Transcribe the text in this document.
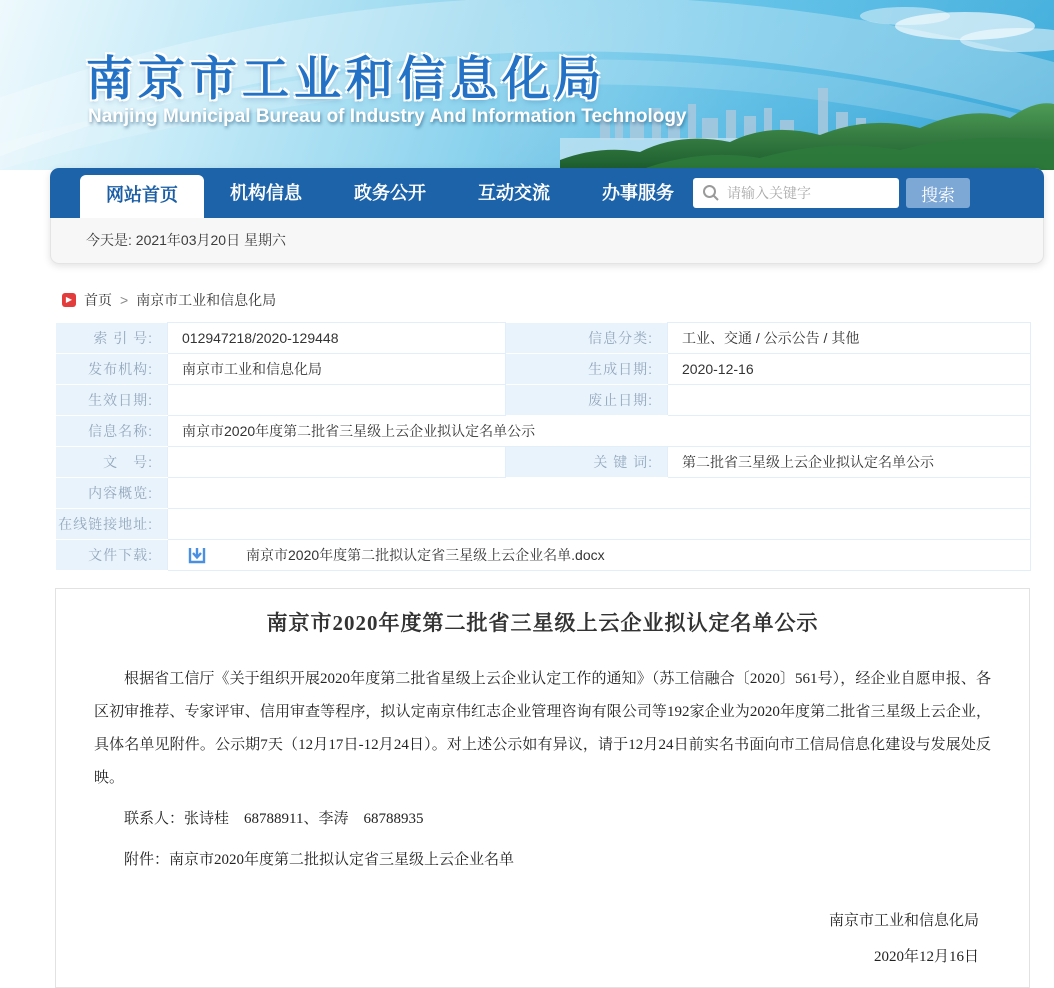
南京市工业和信息化局
Nanjing Municipal Bureau of Industry And Information Technology
网站首页	机构信息	政务公开	互动交流	办事服务
请输入关键字	搜索
今天是: 2021年03月20日 星期六
▶ 首页 > 南京市工业和信息化局
索 引 号:	012947218/2020-129448	信息分类:	工业、交通 / 公示公告 / 其他
发布机构:	南京市工业和信息化局	生成日期:	2020-12-16
生效日期:		废止日期:	
信息名称:	南京市2020年度第二批省三星级上云企业拟认定名单公示		
文　号:		关 键 词:	第二批省三星级上云企业拟认定名单公示
内容概览:			
在线链接地址:			
文件下载:	南京市2020年度第二批拟认定省三星级上云企业名单.docx		
南京市2020年度第二批省三星级上云企业拟认定名单公示
根据省工信厅《关于组织开展2020年度第二批省星级上云企业认定工作的通知》（苏工信融合〔2020〕561号），经企业自愿申报、各区初审推荐、专家评审、信用审查等程序，拟认定南京伟红志企业管理咨询有限公司等192家企业为2020年度第二批省三星级上云企业，具体名单见附件。公示期7天（12月17日-12月24日）。对上述公示如有异议，请于12月24日前实名书面向市工信局信息化建设与发展处反映。
联系人：张诗桂　68788911、李涛　68788935
附件：南京市2020年度第二批拟认定省三星级上云企业名单
南京市工业和信息化局
2020年12月16日
